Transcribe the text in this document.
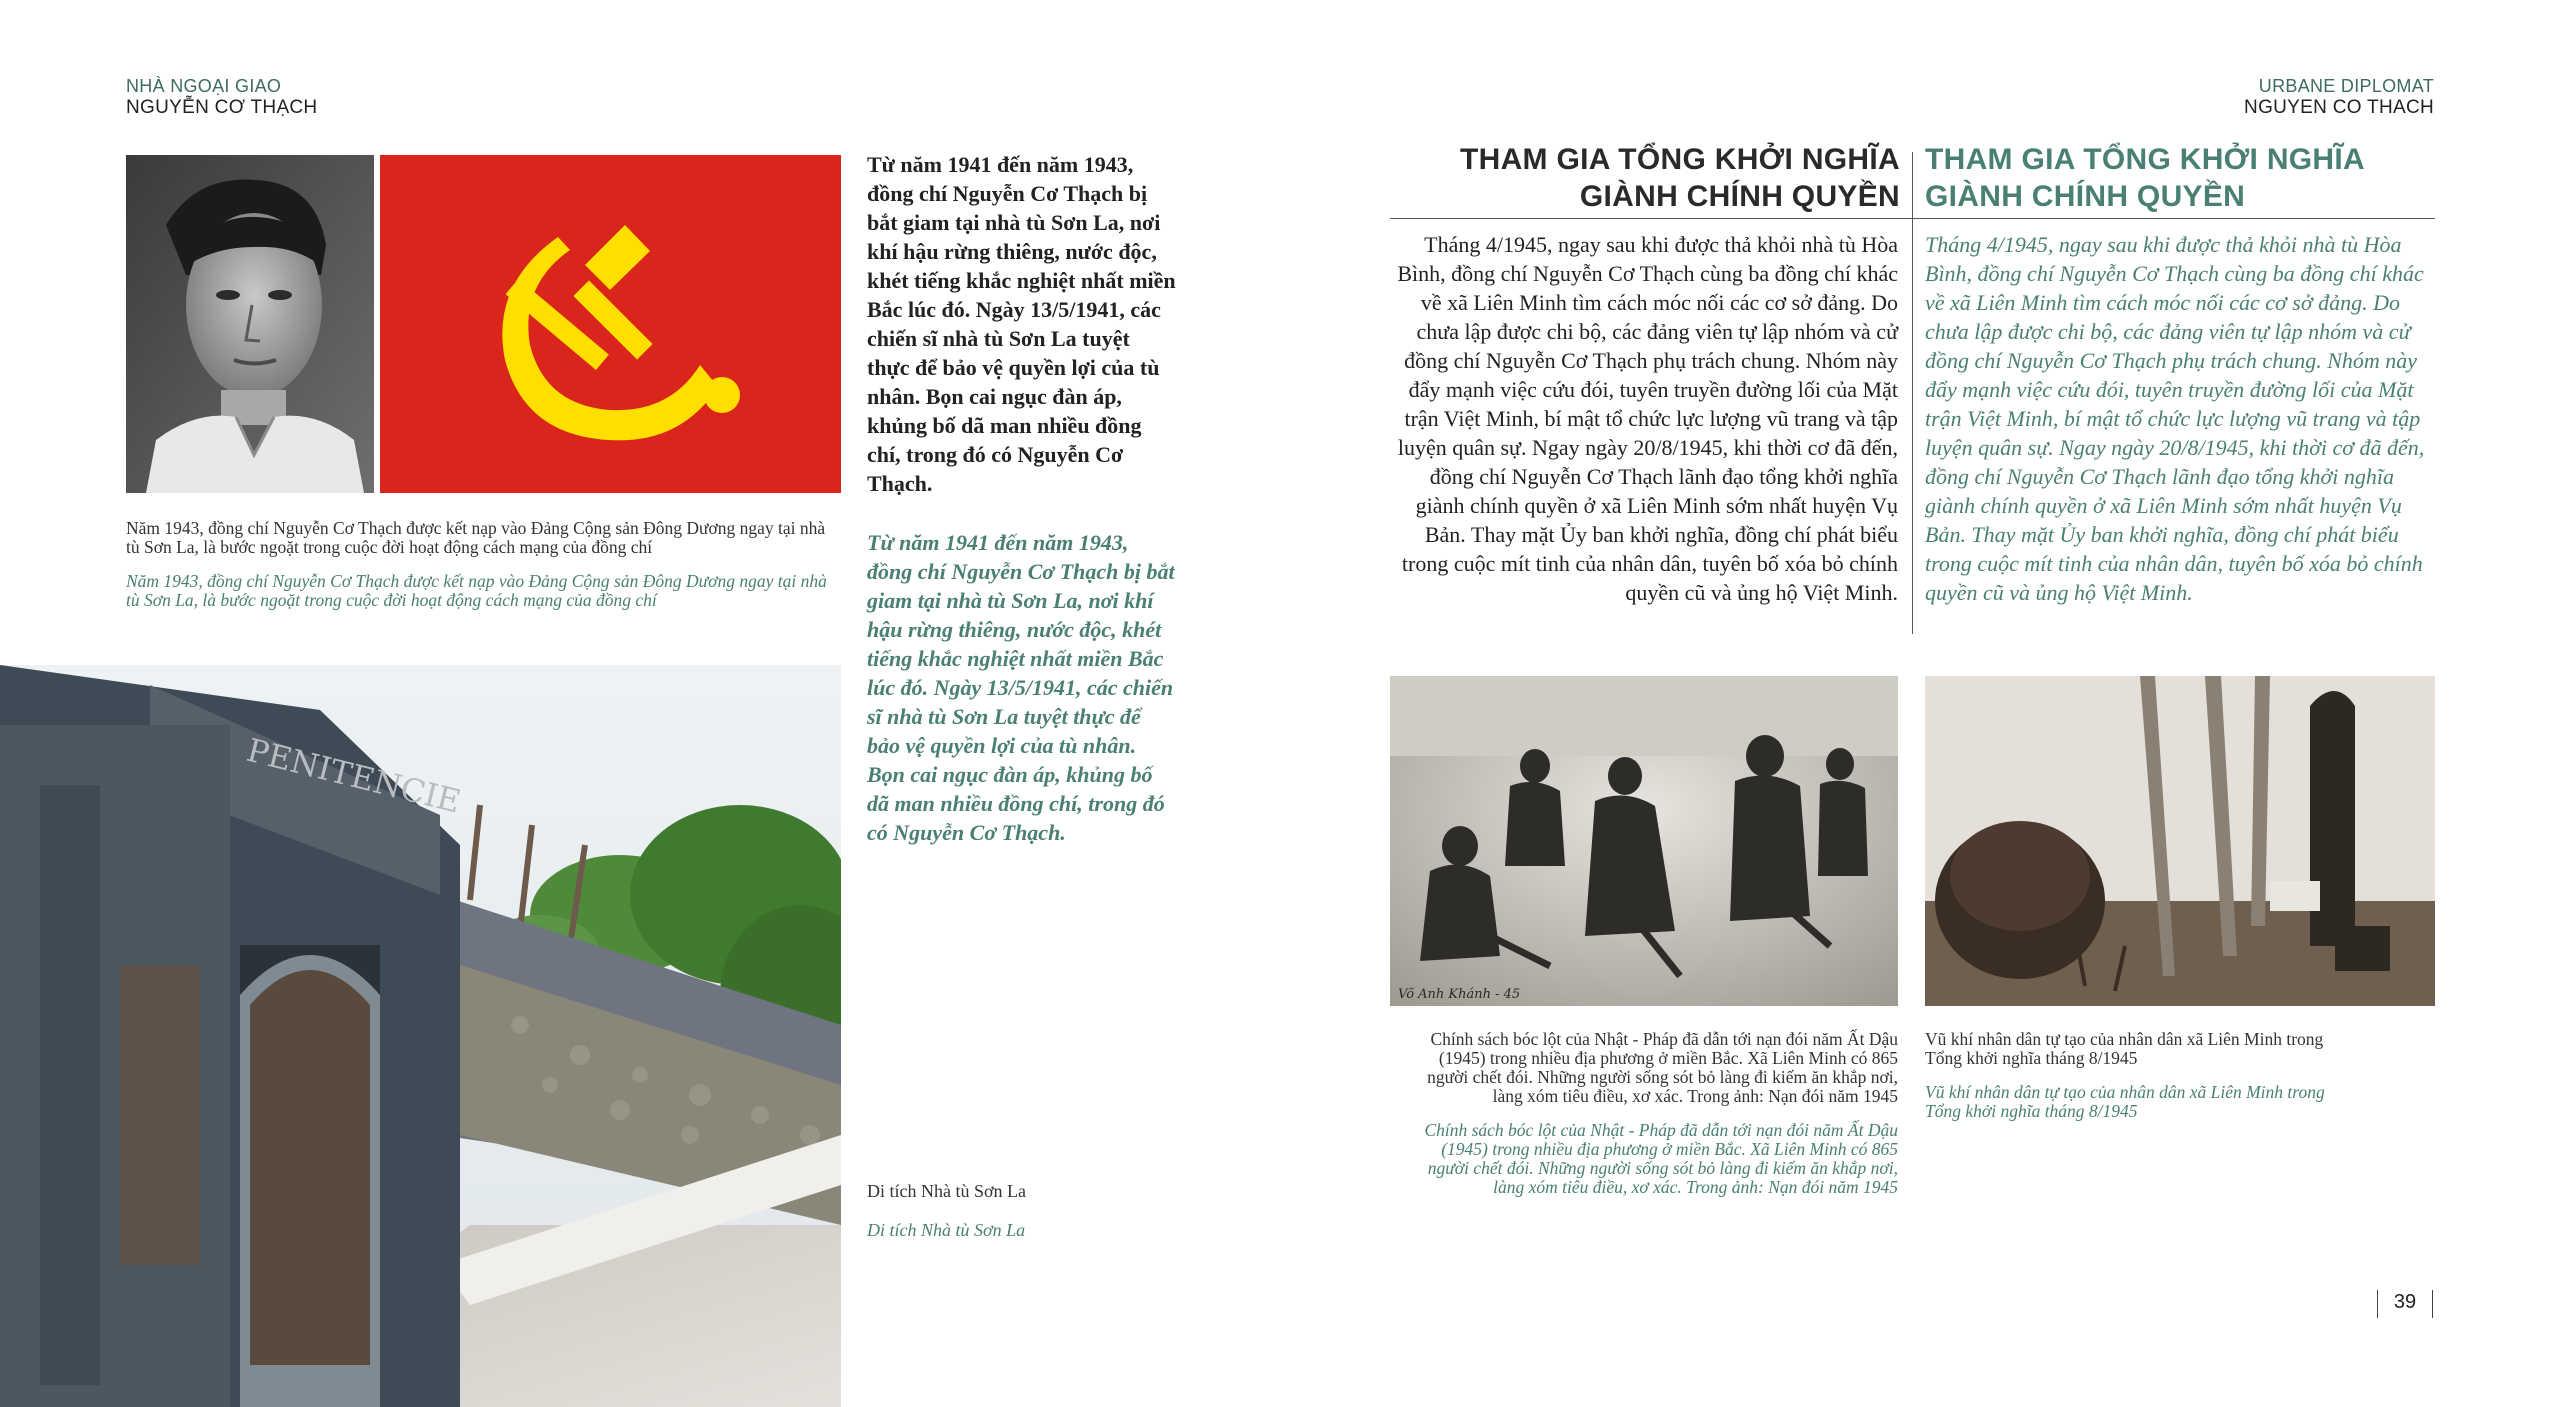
NHÀ NGOẠI GIAO
NGUYỄN CƠ THẠCH
Năm 1943, đồng chí Nguyễn Cơ Thạch được kết nạp vào Đảng Cộng sản Đông Dương ngay tại nhà tù Sơn La, là bước ngoặt trong cuộc đời hoạt động cách mạng của đồng chí
Năm 1943, đồng chí Nguyễn Cơ Thạch được kết nạp vào Đảng Cộng sản Đông Dương ngay tại nhà tù Sơn La, là bước ngoặt trong cuộc đời hoạt động cách mạng của đồng chí
Từ năm 1941 đến năm 1943, đồng chí Nguyễn Cơ Thạch bị bắt giam tại nhà tù Sơn La, nơi khí hậu rừng thiêng, nước độc, khét tiếng khắc nghiệt nhất miền Bắc lúc đó. Ngày 13/5/1941, các chiến sĩ nhà tù Sơn La tuyệt thực để bảo vệ quyền lợi của tù nhân. Bọn cai ngục đàn áp, khủng bố dã man nhiều đồng chí, trong đó có Nguyễn Cơ Thạch.
Từ năm 1941 đến năm 1943, đồng chí Nguyễn Cơ Thạch bị bắt giam tại nhà tù Sơn La, nơi khí hậu rừng thiêng, nước độc, khét tiếng khắc nghiệt nhất miền Bắc lúc đó. Ngày 13/5/1941, các chiến sĩ nhà tù Sơn La tuyệt thực để bảo vệ quyền lợi của tù nhân. Bọn cai ngục đàn áp, khủng bố dã man nhiều đồng chí, trong đó có Nguyễn Cơ Thạch.
PENITENCIE
Di tích Nhà tù Sơn La
Di tích Nhà tù Sơn La
URBANE DIPLOMAT
NGUYEN CO THACH
THAM GIA TỔNG KHỞI NGHĨA
GIÀNH CHÍNH QUYỀN
THAM GIA TỔNG KHỞI NGHĨA
GIÀNH CHÍNH QUYỀN
Tháng 4/1945, ngay sau khi được thả khỏi nhà tù Hòa Bình, đồng chí Nguyễn Cơ Thạch cùng ba đồng chí khác về xã Liên Minh tìm cách móc nối các cơ sở đảng. Do chưa lập được chi bộ, các đảng viên tự lập nhóm và cử đồng chí Nguyễn Cơ Thạch phụ trách chung. Nhóm này đẩy mạnh việc cứu đói, tuyên truyền đường lối của Mặt trận Việt Minh, bí mật tổ chức lực lượng vũ trang và tập luyện quân sự. Ngay ngày 20/8/1945, khi thời cơ đã đến, đồng chí Nguyễn Cơ Thạch lãnh đạo tổng khởi nghĩa giành chính quyền ở xã Liên Minh sớm nhất huyện Vụ Bản. Thay mặt Ủy ban khởi nghĩa, đồng chí phát biểu trong cuộc mít tinh của nhân dân, tuyên bố xóa bỏ chính quyền cũ và ủng hộ Việt Minh.
Tháng 4/1945, ngay sau khi được thả khỏi nhà tù Hòa Bình, đồng chí Nguyễn Cơ Thạch cùng ba đồng chí khác về xã Liên Minh tìm cách móc nối các cơ sở đảng. Do chưa lập được chi bộ, các đảng viên tự lập nhóm và cử đồng chí Nguyễn Cơ Thạch phụ trách chung. Nhóm này đẩy mạnh việc cứu đói, tuyên truyền đường lối của Mặt trận Việt Minh, bí mật tổ chức lực lượng vũ trang và tập luyện quân sự. Ngay ngày 20/8/1945, khi thời cơ đã đến, đồng chí Nguyễn Cơ Thạch lãnh đạo tổng khởi nghĩa giành chính quyền ở xã Liên Minh sớm nhất huyện Vụ Bản. Thay mặt Ủy ban khởi nghĩa, đồng chí phát biểu trong cuộc mít tinh của nhân dân, tuyên bố xóa bỏ chính quyền cũ và ủng hộ Việt Minh.
Võ Anh Khánh - 45
Chính sách bóc lột của Nhật - Pháp đã dẫn tới nạn đói năm Ất Dậu (1945) trong nhiều địa phương ở miền Bắc. Xã Liên Minh có 865 người chết đói. Những người sống sót bỏ làng đi kiếm ăn khắp nơi, làng xóm tiêu điều, xơ xác. Trong ảnh: Nạn đói năm 1945
Chính sách bóc lột của Nhật - Pháp đã dẫn tới nạn đói năm Ất Dậu (1945) trong nhiều địa phương ở miền Bắc. Xã Liên Minh có 865 người chết đói. Những người sống sót bỏ làng đi kiếm ăn khắp nơi, làng xóm tiêu điều, xơ xác. Trong ảnh: Nạn đói năm 1945
Vũ khí nhân dân tự tạo của nhân dân xã Liên Minh trong Tổng khởi nghĩa tháng 8/1945
Vũ khí nhân dân tự tạo của nhân dân xã Liên Minh trong Tổng khởi nghĩa tháng 8/1945
39
